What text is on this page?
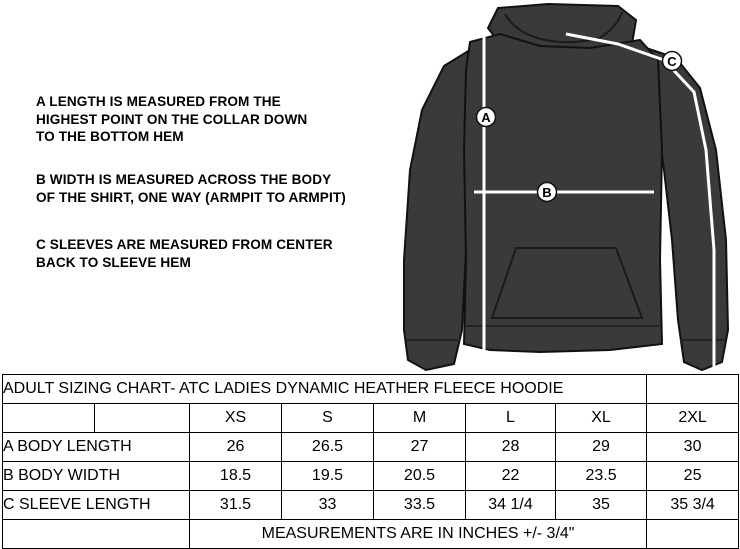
A LENGTH IS MEASURED FROM THE
HIGHEST POINT ON THE COLLAR DOWN
TO THE BOTTOM HEM
B WIDTH IS MEASURED ACROSS THE BODY
OF THE SHIRT, ONE WAY (ARMPIT TO ARMPIT)
C SLEEVES ARE MEASURED FROM CENTER
BACK TO SLEEVE HEM
A
B
C
ADULT SIZING CHART- ATC LADIES DYNAMIC HEATHER FLEECE HOODIE							
		XS	S	M	L	XL	2XL
A BODY LENGTH		26	26.5	27	28	29	30
B BODY WIDTH		18.5	19.5	20.5	22	23.5	25
C SLEEVE LENGTH		31.5	33	33.5	34 1/4	35	35 3/4
		MEASUREMENTS ARE IN INCHES +/- 3/4"					
